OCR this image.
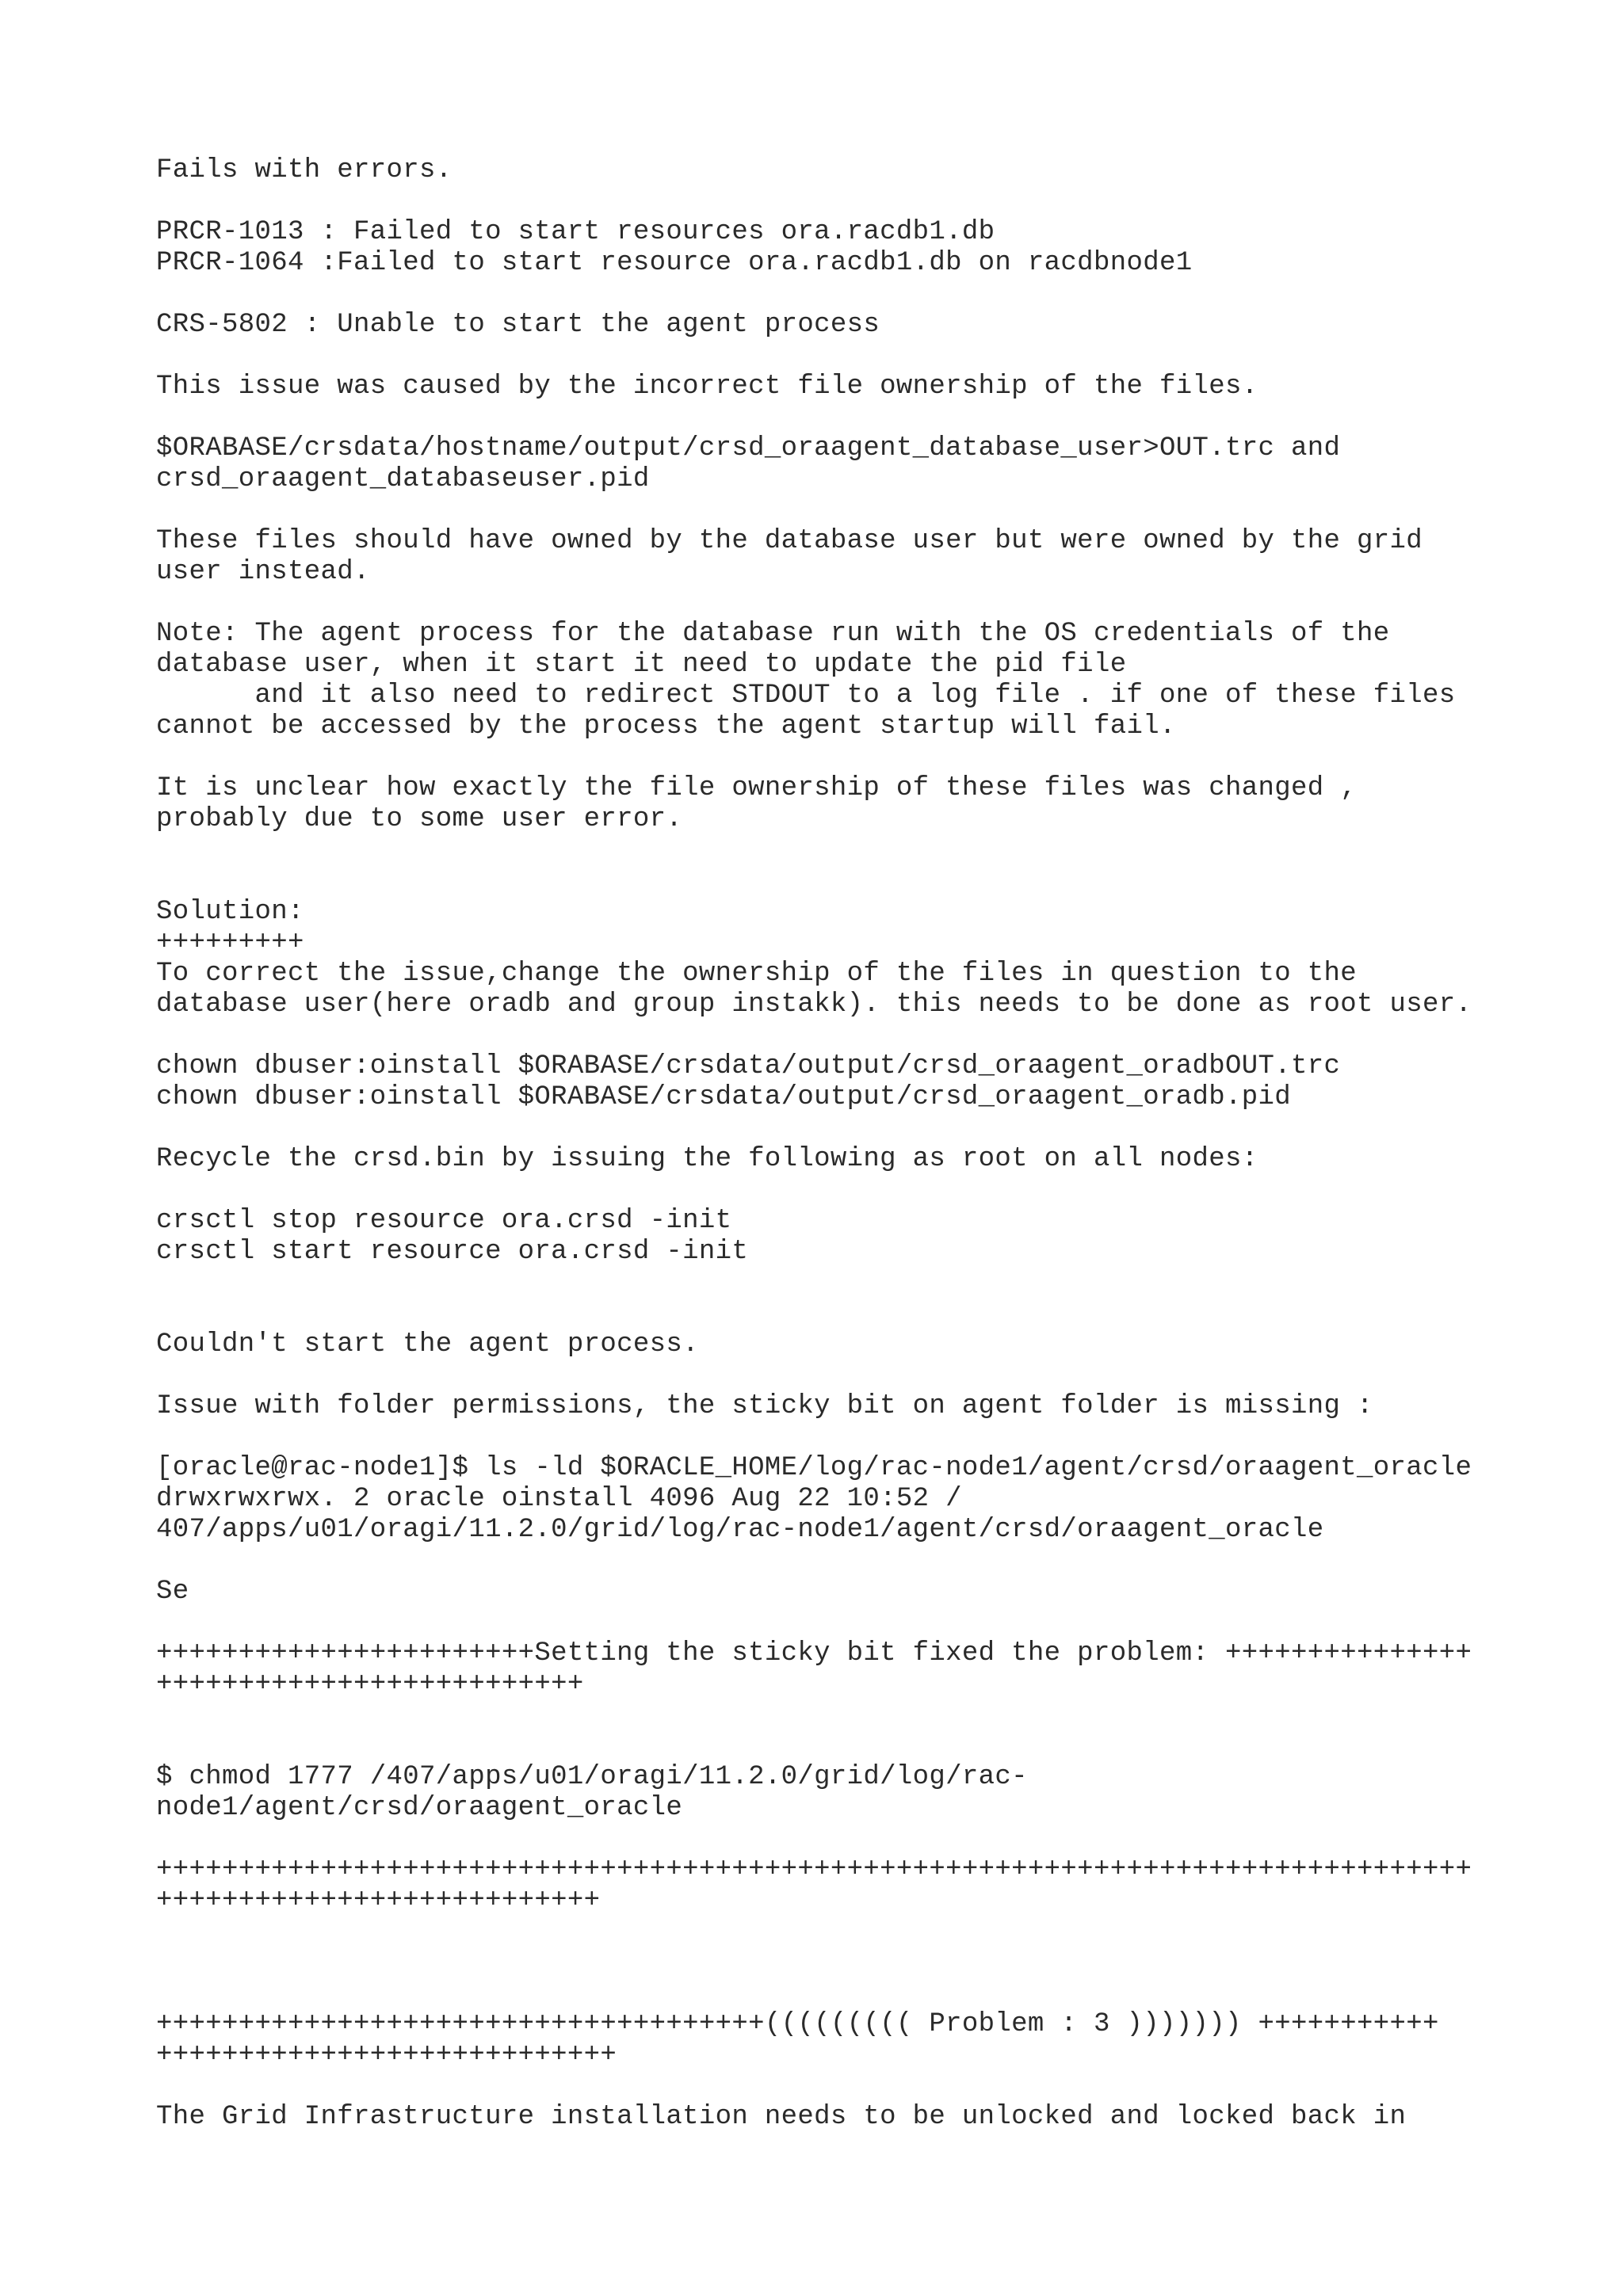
Fails with errors.
PRCR-1013 : Failed to start resources ora.racdb1.db
PRCR-1064 :Failed to start resource ora.racdb1.db on racdbnode1
CRS-5802 : Unable to start the agent process
This issue was caused by the incorrect file ownership of the files.
$ORABASE/crsdata/hostname/output/crsd_oraagent_database_user>OUT.trc and
crsd_oraagent_databaseuser.pid
These files should have owned by the database user but were owned by the grid
user instead.
Note: The agent process for the database run with the OS credentials of the
database user, when it start it need to update the pid file
and it also need to redirect STDOUT to a log file . if one of these files
cannot be accessed by the process the agent startup will fail.
It is unclear how exactly the file ownership of these files was changed ,
probably due to some user error.
Solution:
+++++++++
To correct the issue,change the ownership of the files in question to the
database user(here oradb and group instakk). this needs to be done as root user.
chown dbuser:oinstall $ORABASE/crsdata/output/crsd_oraagent_oradbOUT.trc
chown dbuser:oinstall $ORABASE/crsdata/output/crsd_oraagent_oradb.pid
Recycle the crsd.bin by issuing the following as root on all nodes:
crsctl stop resource ora.crsd -init
crsctl start resource ora.crsd -init
Couldn't start the agent process.
Issue with folder permissions, the sticky bit on agent folder is missing :
[oracle@rac-node1]$ ls -ld $ORACLE_HOME/log/rac-node1/agent/crsd/oraagent_oracle
drwxrwxrwx. 2 oracle oinstall 4096 Aug 22 10:52 /
407/apps/u01/oragi/11.2.0/grid/log/rac-node1/agent/crsd/oraagent_oracle
Se
+++++++++++++++++++++++Setting the sticky bit fixed the problem: +++++++++++++++
++++++++++++++++++++++++++
$ chmod 1777 /407/apps/u01/oragi/11.2.0/grid/log/rac-
node1/agent/crsd/oraagent_oracle
++++++++++++++++++++++++++++++++++++++++++++++++++++++++++++++++++++++++++++++++
+++++++++++++++++++++++++++
+++++++++++++++++++++++++++++++++++++((((((((( Problem : 3 ))))))) +++++++++++
++++++++++++++++++++++++++++
The Grid Infrastructure installation needs to be unlocked and locked back in
